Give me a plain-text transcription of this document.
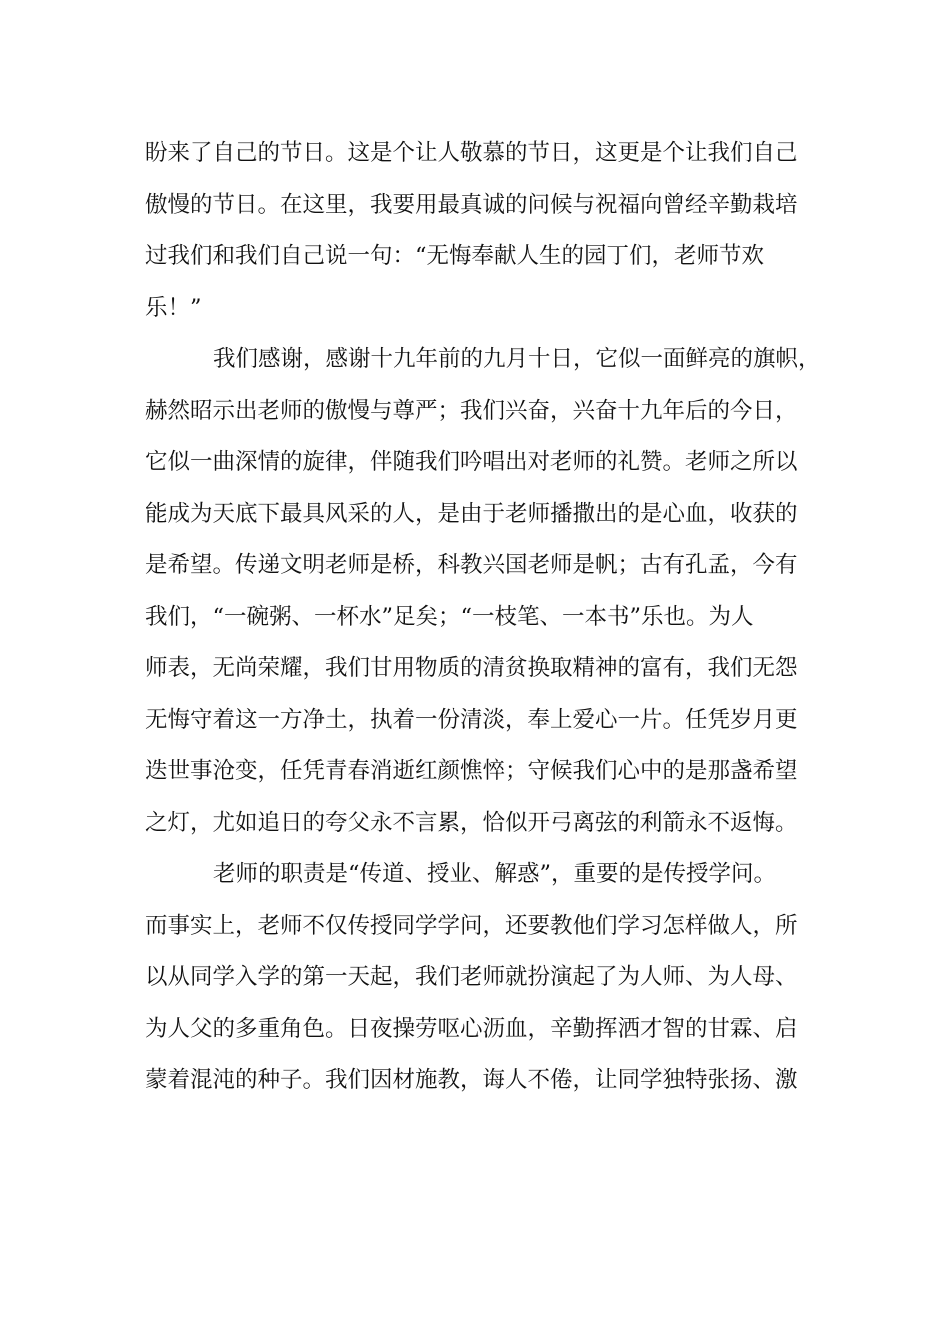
盼来了自己的节日。这是个让人敬慕的节日，这更是个让我们自己
傲慢的节日。在这里，我要用最真诚的问候与祝福向曾经辛勤栽培
过我们和我们自己说一句：“无悔奉献人生的园丁们，老师节欢
乐！”
我们感谢，感谢十九年前的九月十日，它似一面鲜亮的旗帜，
赫然昭示出老师的傲慢与尊严；我们兴奋，兴奋十九年后的今日，
它似一曲深情的旋律，伴随我们吟唱出对老师的礼赞。老师之所以
能成为天底下最具风采的人，是由于老师播撒出的是心血，收获的
是希望。传递文明老师是桥，科教兴国老师是帆；古有孔孟，今有
我们，“一碗粥、一杯水”足矣；“一枝笔、一本书”乐也。为人
师表，无尚荣耀，我们甘用物质的清贫换取精神的富有，我们无怨
无悔守着这一方净土，执着一份清淡，奉上爱心一片。任凭岁月更
迭世事沧变，任凭青春消逝红颜憔悴；守候我们心中的是那盏希望
之灯，尤如追日的夸父永不言累，恰似开弓离弦的利箭永不返悔。
老师的职责是“传道、授业、解惑”，重要的是传授学问。
而事实上，老师不仅传授同学学问，还要教他们学习怎样做人，所
以从同学入学的第一天起，我们老师就扮演起了为人师、为人母、
为人父的多重角色。日夜操劳呕心沥血，辛勤挥洒才智的甘霖、启
蒙着混沌的种子。我们因材施教，诲人不倦，让同学独特张扬、激
